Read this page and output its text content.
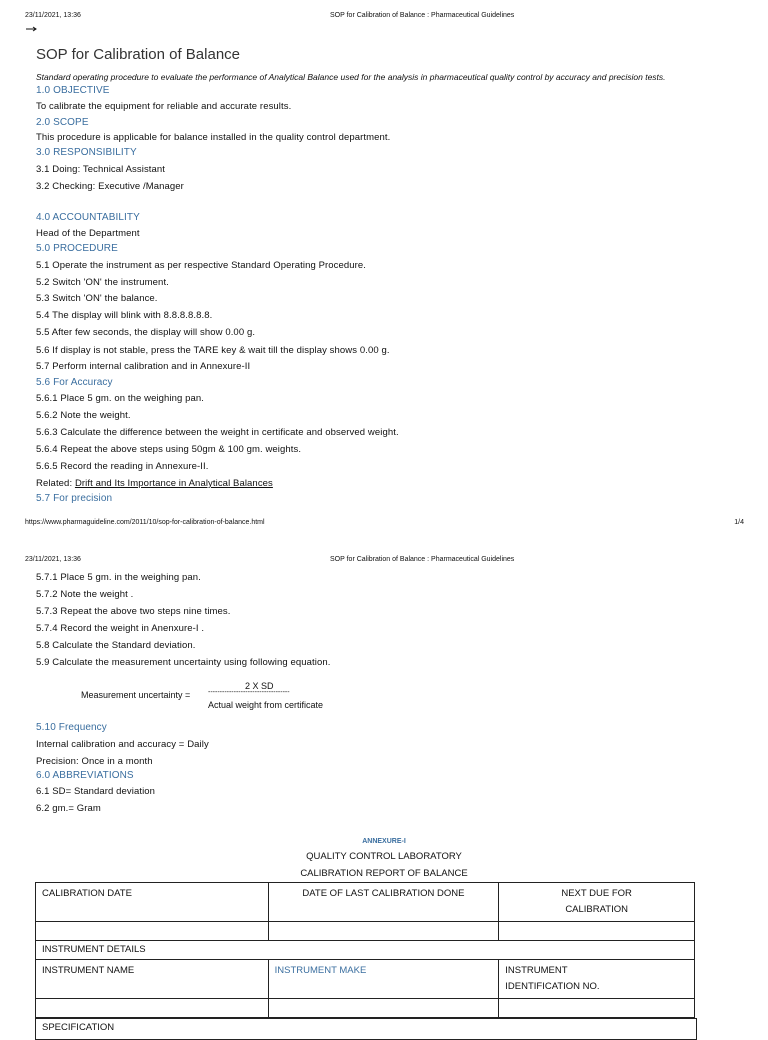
23/11/2021, 13:36	SOP for Calibration of Balance : Pharmaceutical Guidelines
SOP for Calibration of Balance
Standard operating procedure to evaluate the performance of Analytical Balance used for the analysis in pharmaceutical quality control by accuracy and precision tests.
1.0 OBJECTIVE
To calibrate the equipment for reliable and accurate results.
2.0 SCOPE
This procedure is applicable for balance installed in the quality control department.
3.0 RESPONSIBILITY
3.1 Doing: Technical Assistant
3.2 Checking: Executive /Manager
4.0 ACCOUNTABILITY
Head of the Department
5.0 PROCEDURE
5.1 Operate the instrument as per respective Standard Operating Procedure.
5.2 Switch 'ON' the instrument.
5.3 Switch 'ON' the balance.
5.4 The display will blink with 8.8.8.8.8.8.
5.5 After few seconds, the display will show 0.00 g.
5.6 If display is not stable, press the TARE key & wait till the display shows 0.00 g.
5.7 Perform internal calibration and in Annexure-II
5.6 For Accuracy
5.6.1 Place 5 gm. on the weighing pan.
5.6.2 Note the weight.
5.6.3 Calculate the difference between the weight in certificate and observed weight.
5.6.4 Repeat the above steps using 50gm & 100 gm. weights.
5.6.5 Record the reading in Annexure-II.
Related: Drift and Its Importance in Analytical Balances
5.7 For precision
https://www.pharmaguideline.com/2011/10/sop-for-calibration-of-balance.html	1/4
23/11/2021, 13:36	SOP for Calibration of Balance : Pharmaceutical Guidelines
5.7.1 Place 5 gm. in the weighing pan.
5.7.2 Note the weight .
5.7.3 Repeat the above two steps nine times.
5.7.4 Record the weight in Anenxure-I .
5.8 Calculate the Standard deviation.
5.9 Calculate the measurement uncertainty using following equation.
2 X SD
Measurement uncertainty =	-----------------------------------
Actual weight from certificate
5.10 Frequency
Internal calibration and accuracy = Daily
Precision: Once in a month
6.0 ABBREVIATIONS
6.1 SD= Standard deviation
6.2 gm.= Gram
ANNEXURE-I
QUALITY CONTROL LABORATORY
CALIBRATION REPORT OF BALANCE
CALIBRATION DATE	DATE OF LAST CALIBRATION DONE	NEXT DUE FOR
CALIBRATION

INSTRUMENT DETAILS		
INSTRUMENT NAME	INSTRUMENT MAKE	INSTRUMENT
IDENTIFICATION NO.

SPECIFICATION
